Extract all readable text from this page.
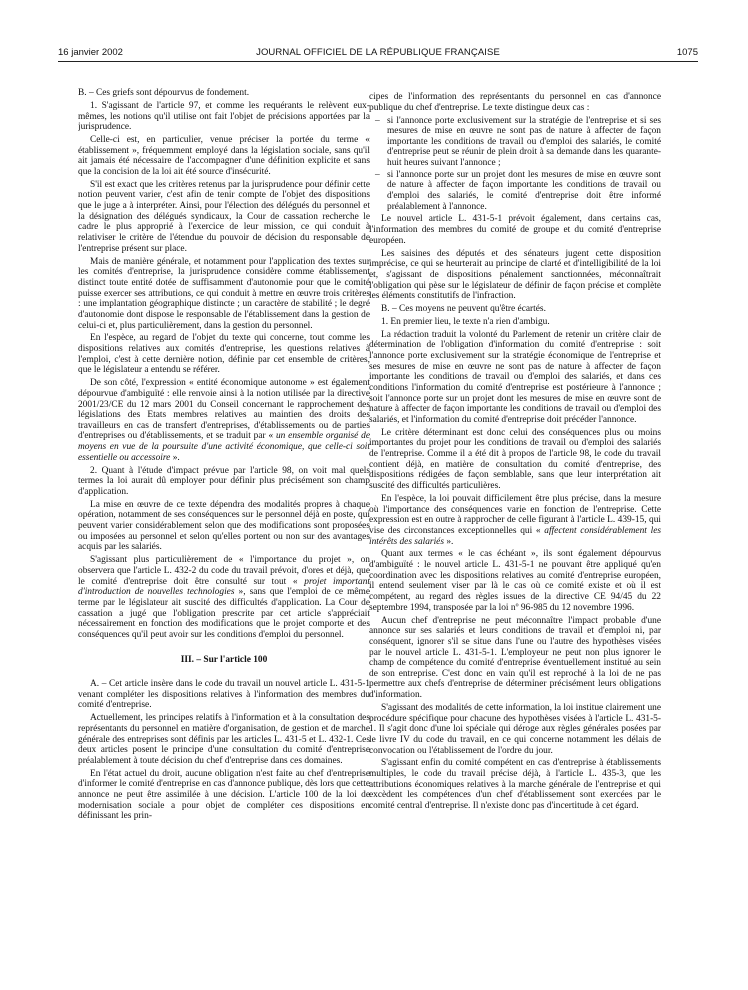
16 janvier 2002	JOURNAL OFFICIEL DE LA RÉPUBLIQUE FRANÇAISE	1075

B. – Ces griefs sont dépourvus de fondement.

1. S'agissant de l'article 97, et comme les requérants le relèvent eux-mêmes, les notions qu'il utilise ont fait l'objet de précisions apportées par la jurisprudence.

Celle-ci est, en particulier, venue préciser la portée du terme « établissement », fréquemment employé dans la législation sociale, sans qu'il ait jamais été nécessaire de l'accompagner d'une définition explicite et sans que la concision de la loi ait été source d'insécurité.

S'il est exact que les critères retenus par la jurisprudence pour définir cette notion peuvent varier, c'est afin de tenir compte de l'objet des dispositions que le juge a à interpréter. Ainsi, pour l'élection des délégués du personnel et la désignation des délégués syndicaux, la Cour de cassation recherche le cadre le plus approprié à l'exercice de leur mission, ce qui conduit à relativiser le critère de l'étendue du pouvoir de décision du responsable de l'entreprise présent sur place.

Mais de manière générale, et notamment pour l'application des textes sur les comités d'entreprise, la jurisprudence considère comme établissement distinct toute entité dotée de suffisamment d'autonomie pour que le comité puisse exercer ses attributions, ce qui conduit à mettre en œuvre trois critères : une implantation géographique distincte ; un caractère de stabilité ; le degré d'autonomie dont dispose le responsable de l'établissement dans la gestion de celui-ci et, plus particulièrement, dans la gestion du personnel.

En l'espèce, au regard de l'objet du texte qui concerne, tout comme les dispositions relatives aux comités d'entreprise, les questions relatives à l'emploi, c'est à cette dernière notion, définie par cet ensemble de critères, que le législateur a entendu se référer.

De son côté, l'expression « entité économique autonome » est également dépourvue d'ambiguïté : elle renvoie ainsi à la notion utilisée par la directive 2001/23/CE du 12 mars 2001 du Conseil concernant le rapprochement des législations des Etats membres relatives au maintien des droits des travailleurs en cas de transfert d'entreprises, d'établissements ou de parties d'entreprises ou d'établissements, et se traduit par « un ensemble organisé de moyens en vue de la poursuite d'une activité économique, que celle-ci soit essentielle ou accessoire ».

2. Quant à l'étude d'impact prévue par l'article 98, on voit mal quels termes la loi aurait dû employer pour définir plus précisément son champ d'application.

La mise en œuvre de ce texte dépendra des modalités propres à chaque opération, notamment de ses conséquences sur le personnel déjà en poste, qui peuvent varier considérablement selon que des modifications sont proposées ou imposées au personnel et selon qu'elles portent ou non sur des avantages acquis par les salariés.

S'agissant plus particulièrement de « l'importance du projet », on observera que l'article L. 432-2 du code du travail prévoit, d'ores et déjà, que le comité d'entreprise doit être consulté sur tout « projet important d'introduction de nouvelles technologies », sans que l'emploi de ce même terme par le législateur ait suscité des difficultés d'application. La Cour de cassation a jugé que l'obligation prescrite par cet article s'appréciait nécessairement en fonction des modifications que le projet comporte et des conséquences qu'il peut avoir sur les conditions d'emploi du personnel.

III. – Sur l'article 100

A. – Cet article insère dans le code du travail un nouvel article L. 431-5-1 venant compléter les dispositions relatives à l'information des membres du comité d'entreprise.

Actuellement, les principes relatifs à l'information et à la consultation des représentants du personnel en matière d'organisation, de gestion et de marche générale des entreprises sont définis par les articles L. 431-5 et L. 432-1. Ces deux articles posent le principe d'une consultation du comité d'entreprise préalablement à toute décision du chef d'entreprise dans ces domaines.

En l'état actuel du droit, aucune obligation n'est faite au chef d'entreprise d'informer le comité d'entreprise en cas d'annonce publique, dès lors que cette annonce ne peut être assimilée à une décision. L'article 100 de la loi de modernisation sociale a pour objet de compléter ces dispositions en définissant les prin-

cipes de l'information des représentants du personnel en cas d'annonce publique du chef d'entreprise. Le texte distingue deux cas :

– si l'annonce porte exclusivement sur la stratégie de l'entreprise et si ses mesures de mise en œuvre ne sont pas de nature à affecter de façon importante les conditions de travail ou d'emploi des salariés, le comité d'entreprise peut se réunir de plein droit à sa demande dans les quarante-huit heures suivant l'annonce ;
– si l'annonce porte sur un projet dont les mesures de mise en œuvre sont de nature à affecter de façon importante les conditions de travail ou d'emploi des salariés, le comité d'entreprise doit être informé préalablement à l'annonce.

Le nouvel article L. 431-5-1 prévoit également, dans certains cas, l'information des membres du comité de groupe et du comité d'entreprise européen.

Les saisines des députés et des sénateurs jugent cette disposition imprécise, ce qui se heurterait au principe de clarté et d'intelligibilité de la loi et, s'agissant de dispositions pénalement sanctionnées, méconnaîtrait l'obligation qui pèse sur le législateur de définir de façon précise et complète les éléments constitutifs de l'infraction.

B. – Ces moyens ne peuvent qu'être écartés.

1. En premier lieu, le texte n'a rien d'ambigu.

La rédaction traduit la volonté du Parlement de retenir un critère clair de détermination de l'obligation d'information du comité d'entreprise : soit l'annonce porte exclusivement sur la stratégie économique de l'entreprise et ses mesures de mise en œuvre ne sont pas de nature à affecter de façon importante les conditions de travail ou d'emploi des salariés, et dans ces conditions l'information du comité d'entreprise est postérieure à l'annonce ; soit l'annonce porte sur un projet dont les mesures de mise en œuvre sont de nature à affecter de façon importante les conditions de travail ou d'emploi des salariés, et l'information du comité d'entreprise doit précéder l'annonce.

Le critère déterminant est donc celui des conséquences plus ou moins importantes du projet pour les conditions de travail ou d'emploi des salariés de l'entreprise. Comme il a été dit à propos de l'article 98, le code du travail contient déjà, en matière de consultation du comité d'entreprise, des dispositions rédigées de façon semblable, sans que leur interprétation ait suscité des difficultés particulières.

En l'espèce, la loi pouvait difficilement être plus précise, dans la mesure où l'importance des conséquences varie en fonction de l'entreprise. Cette expression est en outre à rapprocher de celle figurant à l'article L. 439-15, qui vise des circonstances exceptionnelles qui « affectent considérablement les intérêts des salariés ».

Quant aux termes « le cas échéant », ils sont également dépourvus d'ambiguïté : le nouvel article L. 431-5-1 ne pouvant être appliqué qu'en coordination avec les dispositions relatives au comité d'entreprise européen, il entend seulement viser par là le cas où ce comité existe et où il est compétent, au regard des règles issues de la directive CE 94/45 du 22 septembre 1994, transposée par la loi nº 96-985 du 12 novembre 1996.

Aucun chef d'entreprise ne peut méconnaître l'impact probable d'une annonce sur ses salariés et leurs conditions de travail et d'emploi ni, par conséquent, ignorer s'il se situe dans l'une ou l'autre des hypothèses visées par le nouvel article L. 431-5-1. L'employeur ne peut non plus ignorer le champ de compétence du comité d'entreprise éventuellement institué au sein de son entreprise. C'est donc en vain qu'il est reproché à la loi de ne pas permettre aux chefs d'entreprise de déterminer précisément leurs obligations d'information.

S'agissant des modalités de cette information, la loi institue clairement une procédure spécifique pour chacune des hypothèses visées à l'article L. 431-5-1. Il s'agit donc d'une loi spéciale qui déroge aux règles générales posées par le livre IV du code du travail, en ce qui concerne notamment les délais de convocation ou l'établissement de l'ordre du jour.

S'agissant enfin du comité compétent en cas d'entreprise à établissements multiples, le code du travail précise déjà, à l'article L. 435-3, que les attributions économiques relatives à la marche générale de l'entreprise et qui excèdent les compétences d'un chef d'établissement sont exercées par le comité central d'entreprise. Il n'existe donc pas d'incertitude à cet égard.
